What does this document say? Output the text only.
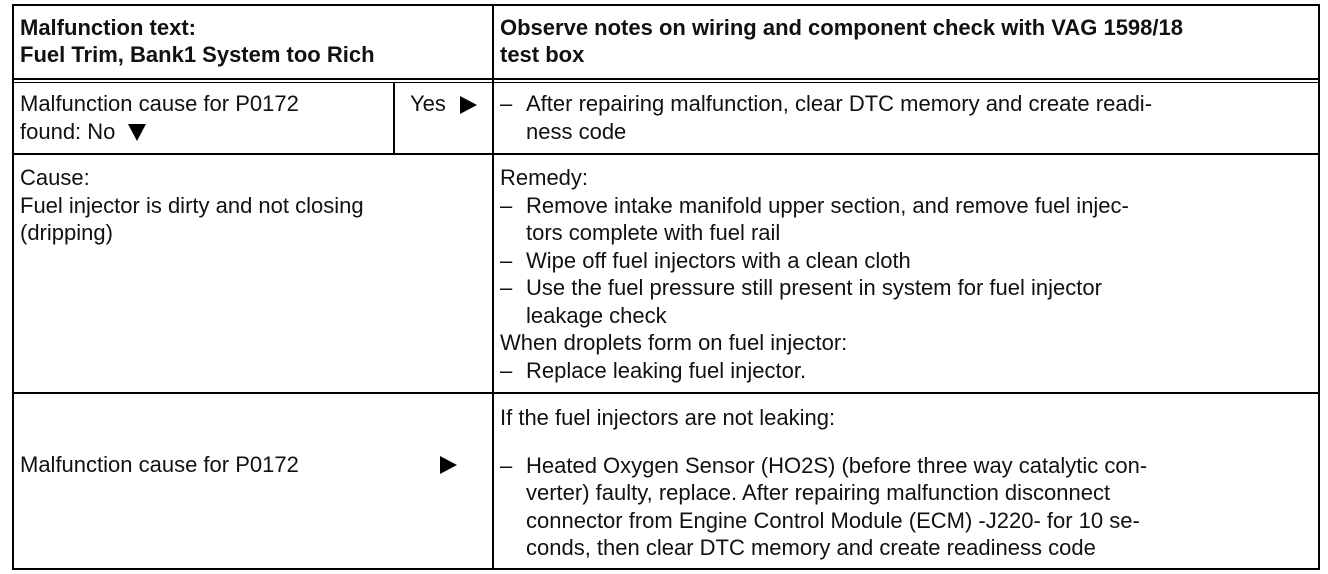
Malfunction text:
Fuel Trim, Bank1 System too Rich
Observe notes on wiring and component check with VAG 1598/18
test box
Malfunction cause for P0172
found: No
Yes	– After repairing malfunction, clear DTC memory and create readi-
ness code
Cause:
Fuel injector is dirty and not closing
(dripping)
Remedy:
– Remove intake manifold upper section, and remove fuel injec-
tors complete with fuel rail
– Wipe off fuel injectors with a clean cloth
– Use the fuel pressure still present in system for fuel injector
leakage check
When droplets form on fuel injector:
– Replace leaking fuel injector.
Malfunction cause for P0172
If the fuel injectors are not leaking:
– Heated Oxygen Sensor (HO2S) (before three way catalytic con-
verter) faulty, replace. After repairing malfunction disconnect
connector from Engine Control Module (ECM) -J220- for 10 se-
conds, then clear DTC memory and create readiness code
